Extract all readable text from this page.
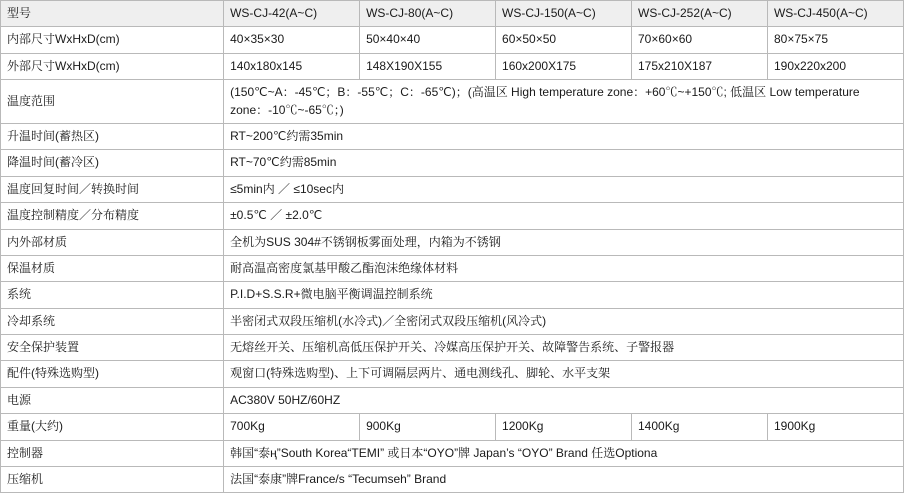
型号	WS-CJ-42(A~C)	WS-CJ-80(A~C)	WS-CJ-150(A~C)	WS-CJ-252(A~C)	WS-CJ-450(A~C)
内部尺寸WxHxD(cm)	40×35×30	50×40×40	60×50×50	70×60×60	80×75×75
外部尺寸WxHxD(cm)	140x180x145	148X190X155	160x200X175	175x210X187	190x220x200
温度范围	(150℃~A：-45℃；B：-55℃；C：-65℃)；(高温区 High temperature zone：+60℃~+150℃; 低温区 Low temperature zone：-10℃~-65℃；)				
升温时间(蓄热区)	RT~200℃约需35min				
降温时间(蓄冷区)	RT~70℃约需85min				
温度回复时间／转换时间	≤5min内 ／ ≤10sec内				
温度控制精度／分布精度	±0.5℃ ／ ±2.0℃				
内外部材质	全机为SUS 304#不锈钢板雾面处理，内箱为不锈钢				
保温材质	耐高温高密度氯基甲酸乙酯泡沫绝缘体材料				
系统	P.I.D+S.S.R+微电脑平衡调温控制系统				
冷却系统	半密闭式双段压缩机(水冷式)／全密闭式双段压缩机(风冷式)				
安全保护装置	无熔丝开关、压缩机高低压保护开关、冷媒高压保护开关、故障警告系统、子警报器				
配件(特殊选购型)	观窗口(特殊选购型)、上下可调隔层两片、通电测线孔、脚轮、水平支架				
电源	AC380V 50HZ/60HZ				
重量(大约)	700Kg	900Kg	1200Kg	1400Kg	1900Kg
控制器	韩国“泰ң”South Korea“TEMI” 或日本“OYO”牌 Japan’s “OYO” Brand 任选Optiona				
压缩机	法国“泰康”牌France/s “Tecumseh” Brand				
